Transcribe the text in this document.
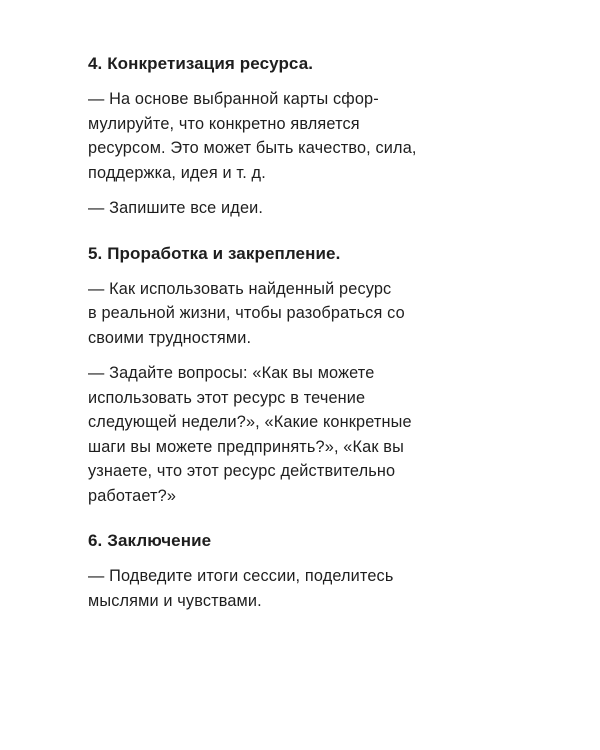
4. Конкретизация ресурса.

— На основе выбранной карты сфор-
мулируйте, что конкретно является
ресурсом. Это может быть качество, сила,
поддержка, идея и т. д.

— Запишите все идеи.

5. Проработка и закрепление.

— Как использовать найденный ресурс
в реальной жизни, чтобы разобраться со
своими трудностями.

— Задайте вопросы: «Как вы можете
использовать этот ресурс в течение
следующей недели?», «Какие конкретные
шаги вы можете предпринять?», «Как вы
узнаете, что этот ресурс действительно
работает?»

6. Заключение

— Подведите итоги сессии, поделитесь
мыслями и чувствами.
